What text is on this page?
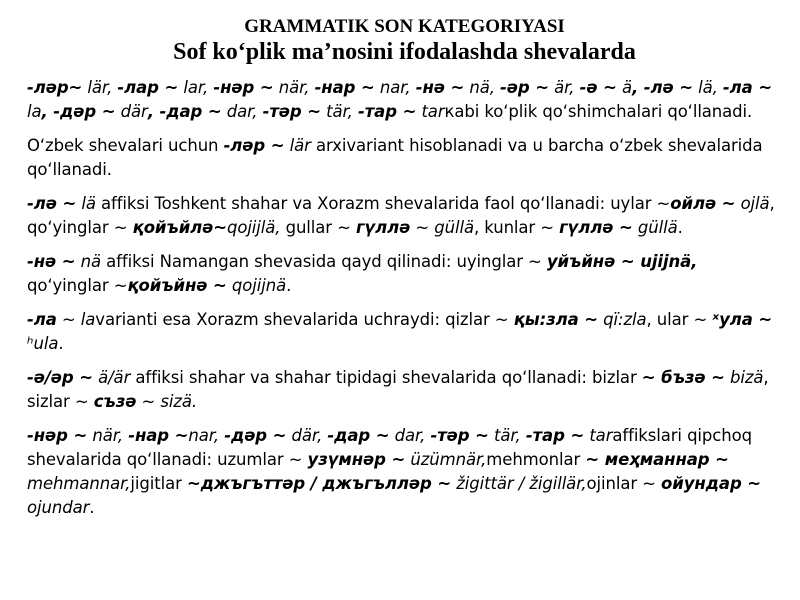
GRAMMATIK SON KATEGORIYASI
Sof ko‘plik ma’nosini ifodalashda shevalarda

-ләр~ lär, -лар ~ lar, -нәр ~ när, -нар ~ nar, -нә ~ nä, -әр ~ är, -ә ~ ä, -лә ~ lä, -ла ~ la, -дәр ~ där, -дар ~ dar, -тәр ~ tär, -тар ~ tarкabi ko‘plik qo‘shimchalari qo‘llanadi.

O‘zbek shevalari uchun -ләр ~ lär arxivariant hisoblanadi va u barcha o‘zbek shevalarida qo‘llanadi.

-лә ~ lä affiksi Toshkent shahar va Xorazm shevalarida faol qo‘llanadi: uylar ~ойлә ~ ojlä, qo‘yinglar ~ қойъйлә~qojijlä, gullar ~ гүллә ~ güllä, kunlar ~ гүллә ~ güllä.

-нә ~ nä affiksi Namangan shevasida qayd qilinadi: uyinglar ~ уйъйнә ~ ujijnä, qo‘yinglar ~қойъйнә ~ qojijnä.

-ла ~ lavarianti esa Xorazm shevalarida uchraydi: qizlar ~ қы:зла ~ qï:zla, ular ~ ˣула ~ ʰula.

-ә/әр ~ ä/är affiksi shahar va shahar tipidagi shevalarida qo‘llanadi: bizlar ~ бъзә ~ bizä, sizlar ~ съзә ~ sizä.

-нәр ~ när, -нар ~nar, -дәр ~ där, -дар ~ dar, -тәр ~ tär, -тар ~ taraffikslari qipchoq shevalarida qo‘llanadi: uzumlar ~ узүмнәр ~ üzümnär,mehmonlar ~ меҳманнар ~ mehmannar,jigitlar ~джъгъттәр / джъгълләр ~ žigittär / žigillär,ojinlar ~ ойундар ~ ojundar.
